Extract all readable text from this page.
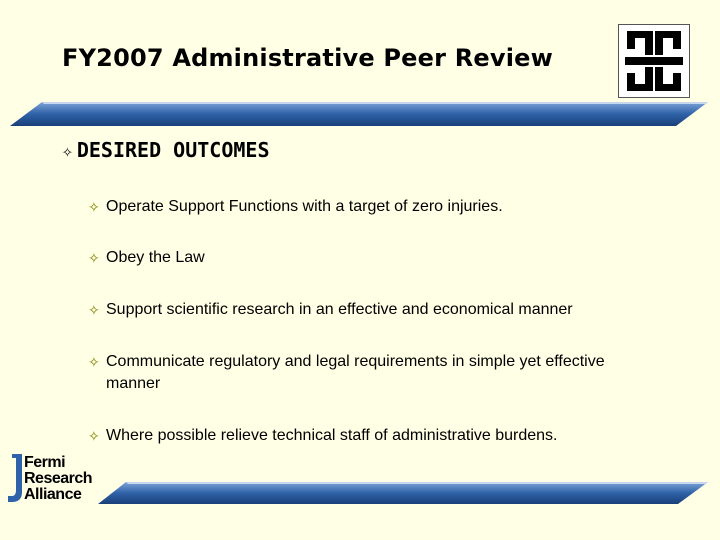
FY2007 Administrative Peer Review
✧ DESIRED OUTCOMES
✧ Operate Support Functions with a target of zero injuries.
✧ Obey the Law
✧ Support scientific research in an effective and economical manner
✧ Communicate regulatory and legal requirements in simple yet effective manner
✧ Where possible relieve technical staff of administrative burdens.
Fermi
Research
Alliance
